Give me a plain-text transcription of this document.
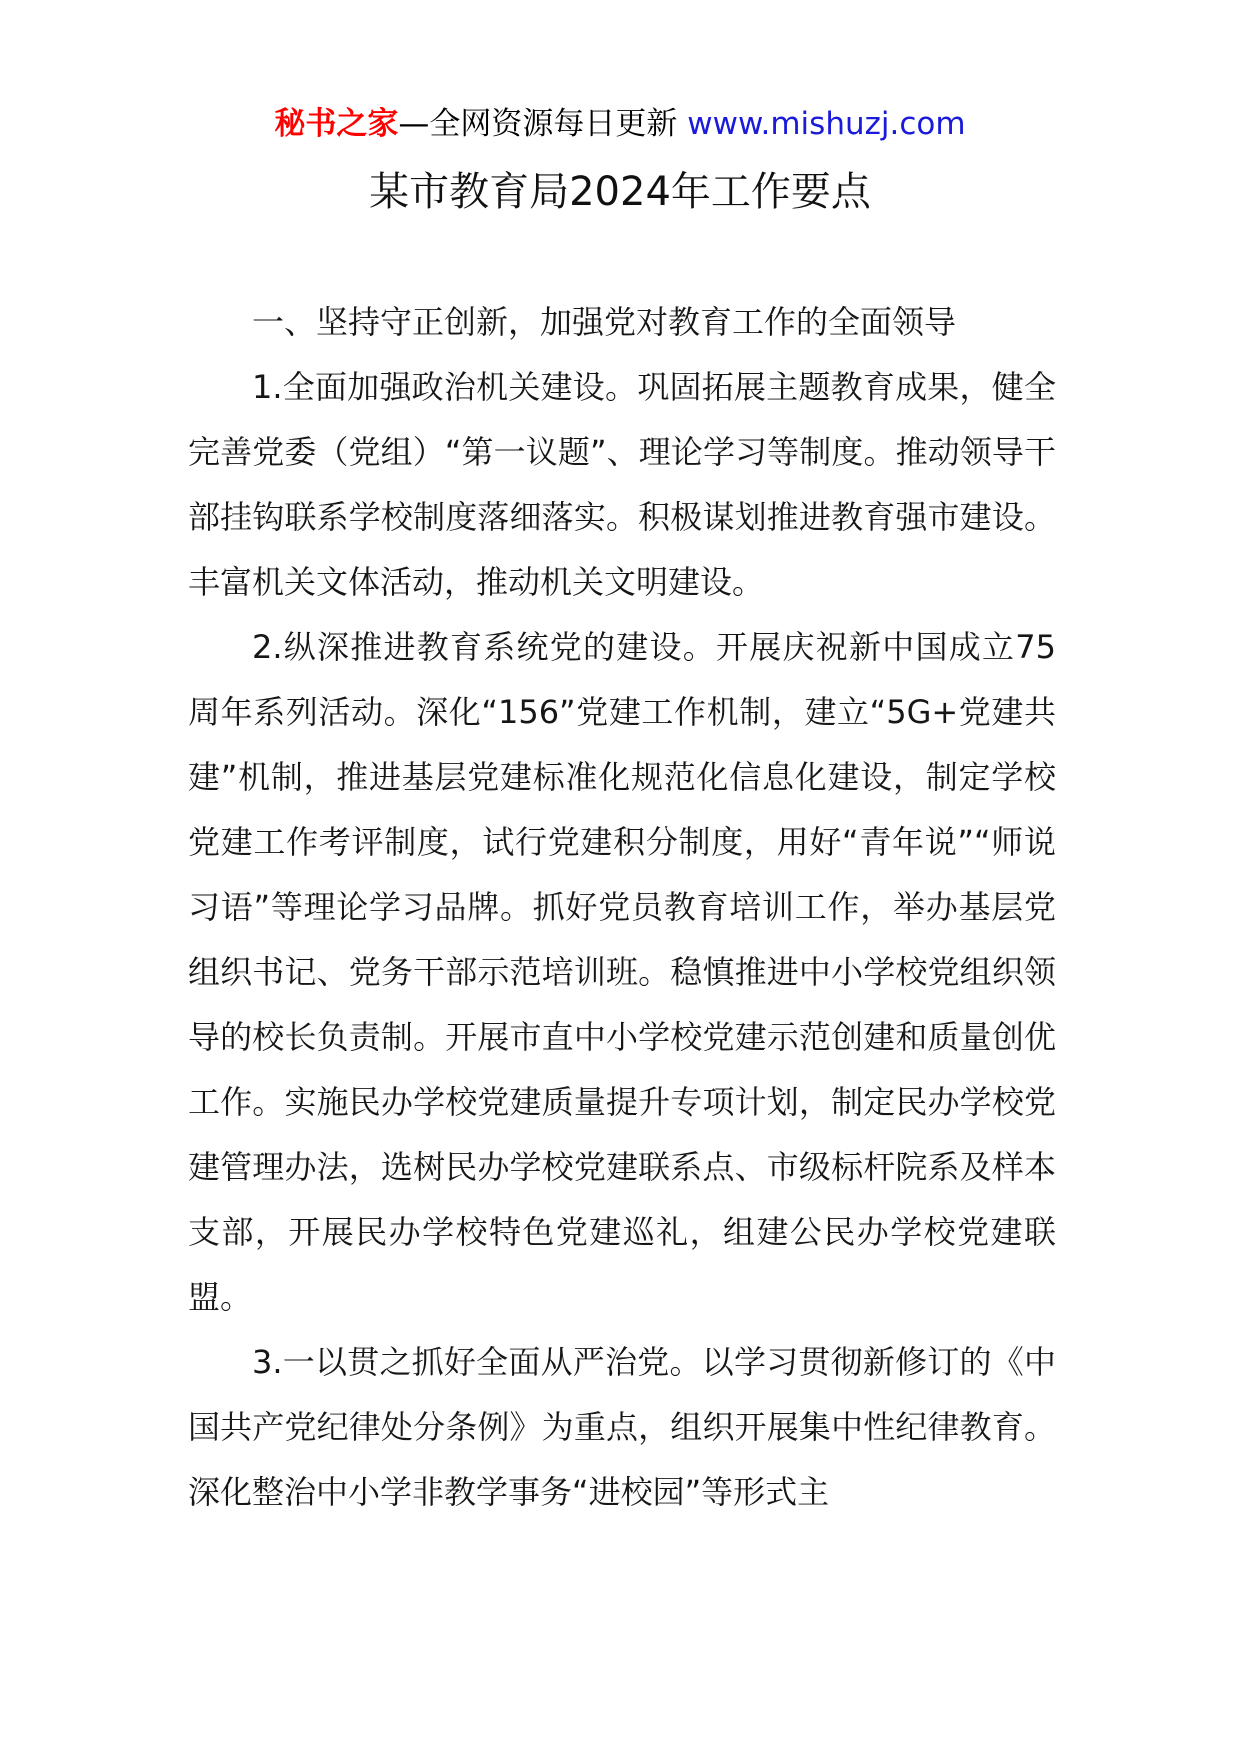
秘书之家—全网资源每日更新 www.mishuzj.com
某市教育局2024年工作要点

一、坚持守正创新，加强党对教育工作的全面领导

1.全面加强政治机关建设。巩固拓展主题教育成果，健全完善党委（党组）“第一议题”、理论学习等制度。推动领导干部挂钩联系学校制度落细落实。积极谋划推进教育强市建设。丰富机关文体活动，推动机关文明建设。

2.纵深推进教育系统党的建设。开展庆祝新中国成立75周年系列活动。深化“156”党建工作机制，建立“5G+党建共建”机制，推进基层党建标准化规范化信息化建设，制定学校党建工作考评制度，试行党建积分制度，用好“青年说”“师说习语”等理论学习品牌。抓好党员教育培训工作，举办基层党组织书记、党务干部示范培训班。稳慎推进中小学校党组织领导的校长负责制。开展市直中小学校党建示范创建和质量创优工作。实施民办学校党建质量提升专项计划，制定民办学校党建管理办法，选树民办学校党建联系点、市级标杆院系及样本支部，开展民办学校特色党建巡礼，组建公民办学校党建联盟。

3.一以贯之抓好全面从严治党。以学习贯彻新修订的《中国共产党纪律处分条例》为重点，组织开展集中性纪律教育。深化整治中小学非教学事务“进校园”等形式主
